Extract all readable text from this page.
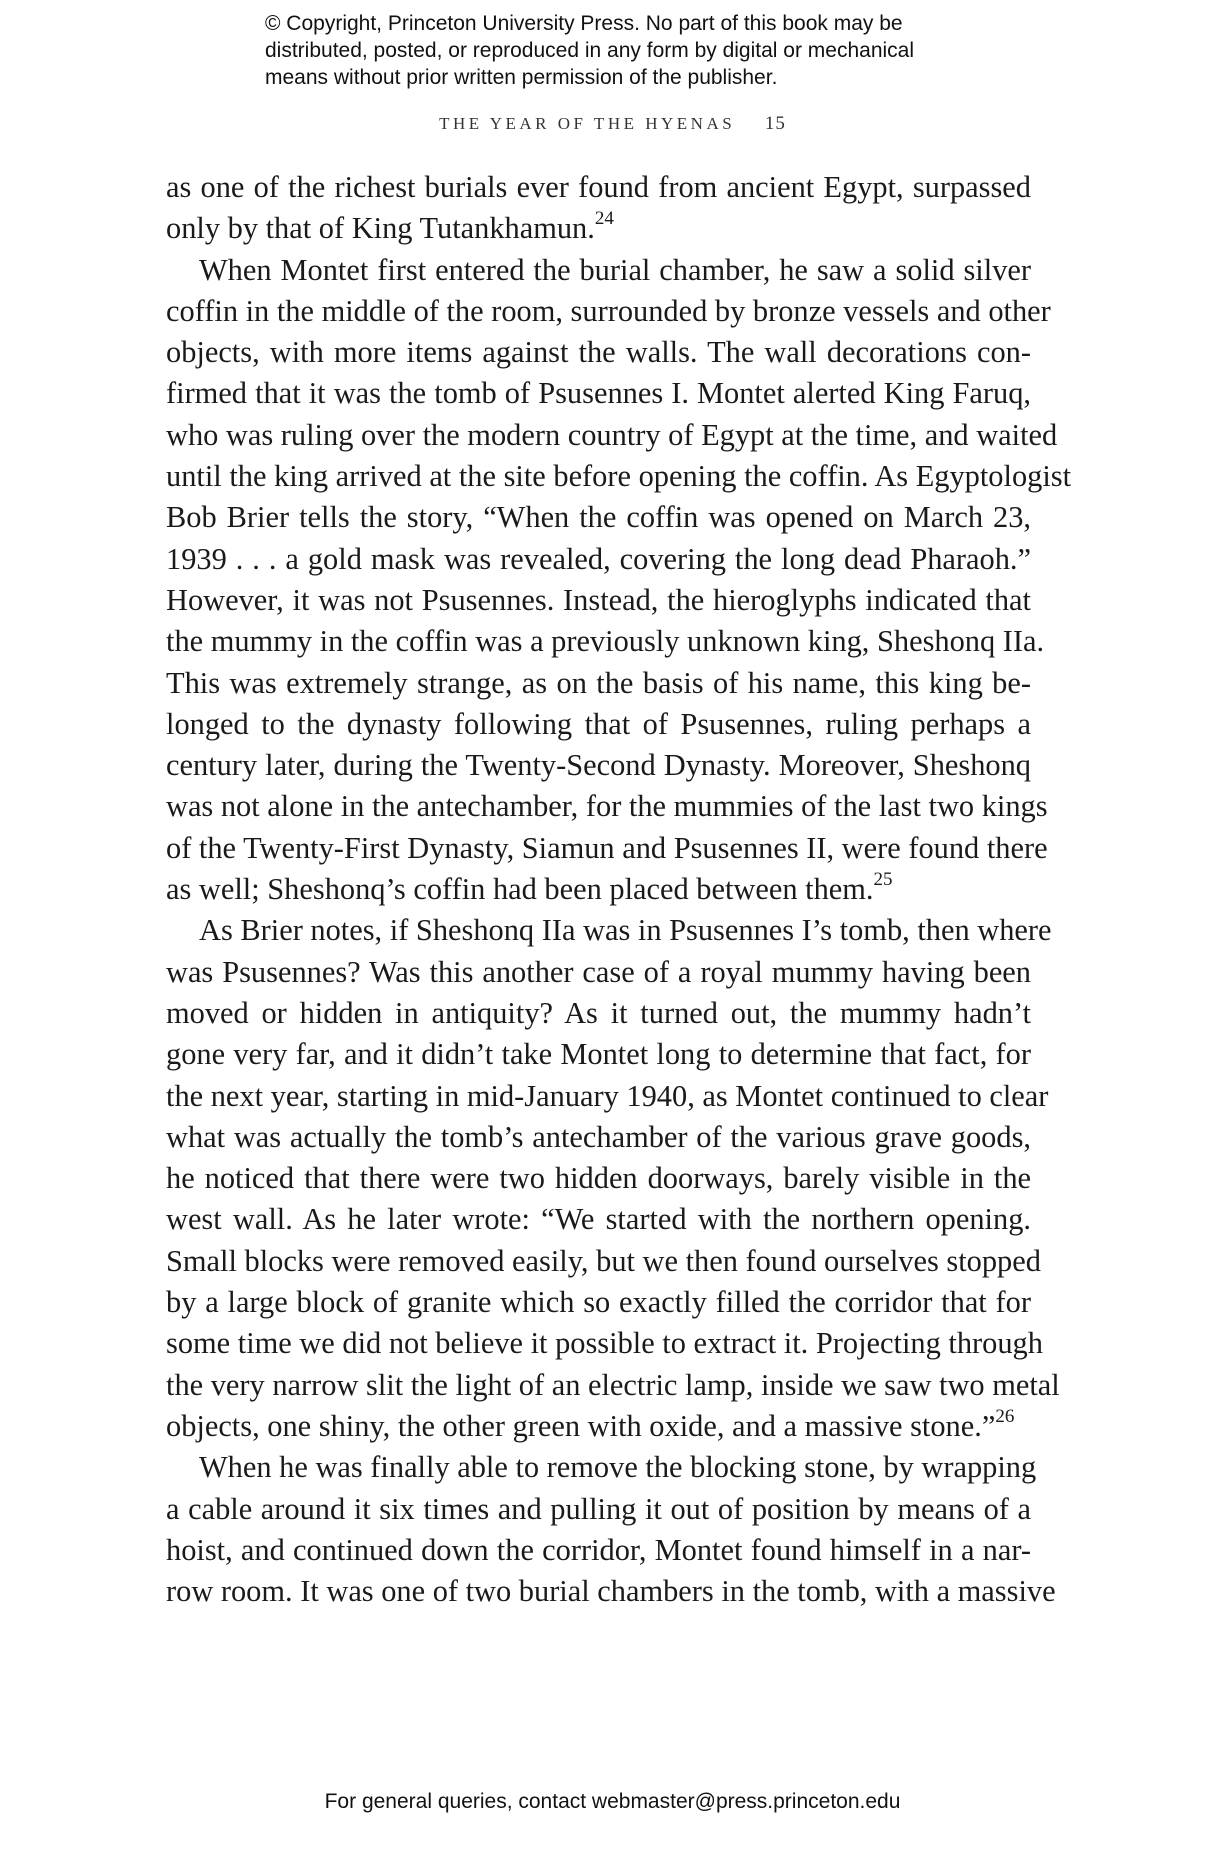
© Copyright, Princeton University Press. No part of this book may be
distributed, posted, or reproduced in any form by digital or mechanical
means without prior written permission of the publisher.
THE YEAR OF THE HYENAS 15
as one of the richest burials ever found from ancient Egypt, surpassed
only by that of King Tutankhamun.$^{24}$
When Montet first entered the burial chamber, he saw a solid silver
coffin in the middle of the room, surrounded by bronze vessels and other
objects, with more items against the walls. The wall decorations con-
firmed that it was the tomb of Psusennes I. Montet alerted King Faruq,
who was ruling over the modern country of Egypt at the time, and waited
until the king arrived at the site before opening the coffin. As Egyptologist
Bob Brier tells the story, “When the coffin was opened on March 23,
1939 . . . a gold mask was revealed, covering the long dead Pharaoh.”
However, it was not Psusennes. Instead, the hieroglyphs indicated that
the mummy in the coffin was a previously unknown king, Sheshonq IIa.
This was extremely strange, as on the basis of his name, this king be-
longed to the dynasty following that of Psusennes, ruling perhaps a
century later, during the Twenty-Second Dynasty. Moreover, Sheshonq
was not alone in the antechamber, for the mummies of the last two kings
of the Twenty-First Dynasty, Siamun and Psusennes II, were found there
as well; Sheshonq’s coffin had been placed between them.$^{25}$
As Brier notes, if Sheshonq IIa was in Psusennes I’s tomb, then where
was Psusennes? Was this another case of a royal mummy having been
moved or hidden in antiquity? As it turned out, the mummy hadn’t
gone very far, and it didn’t take Montet long to determine that fact, for
the next year, starting in mid-January 1940, as Montet continued to clear
what was actually the tomb’s antechamber of the various grave goods,
he noticed that there were two hidden doorways, barely visible in the
west wall. As he later wrote: “We started with the northern opening.
Small blocks were removed easily, but we then found ourselves stopped
by a large block of granite which so exactly filled the corridor that for
some time we did not believe it possible to extract it. Projecting through
the very narrow slit the light of an electric lamp, inside we saw two metal
objects, one shiny, the other green with oxide, and a massive stone.”$^{26}$
When he was finally able to remove the blocking stone, by wrapping
a cable around it six times and pulling it out of position by means of a
hoist, and continued down the corridor, Montet found himself in a nar-
row room. It was one of two burial chambers in the tomb, with a massive
For general queries, contact webmaster@press.princeton.edu
